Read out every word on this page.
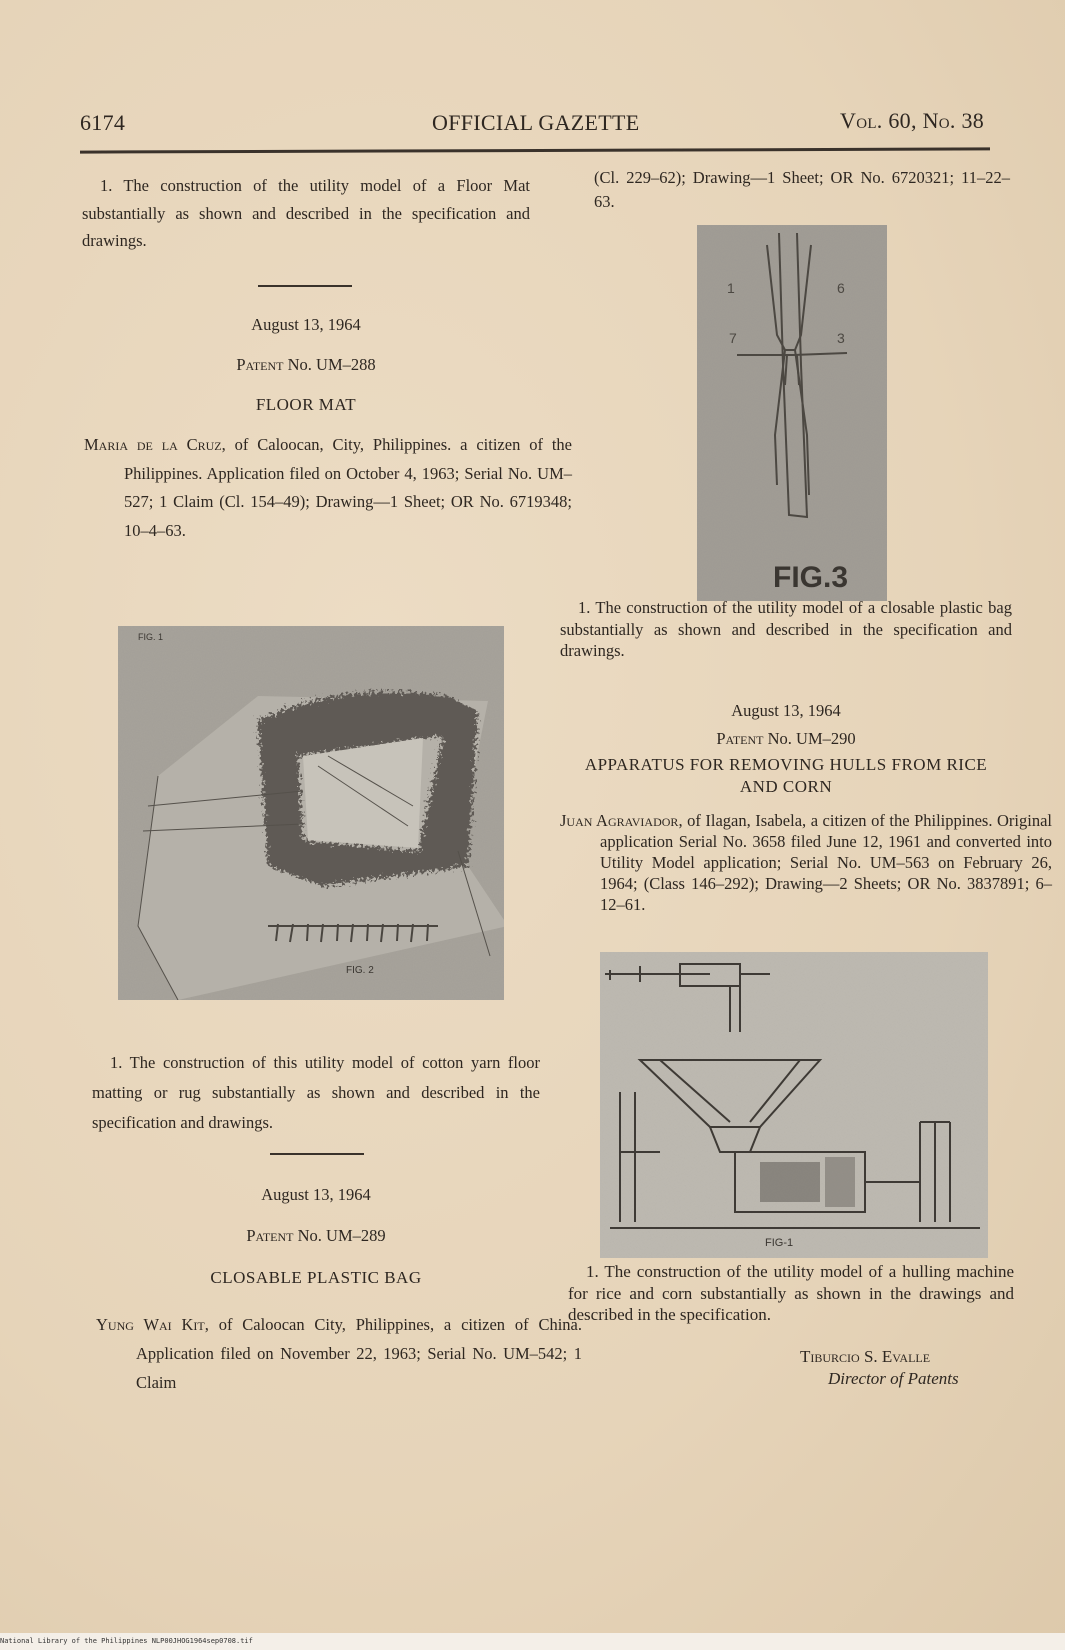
6174	OFFICIAL GAZETTE	Vol. 60, No. 38
1. The construction of the utility model of a Floor Mat substantially as shown and described in the specification and drawings.
August 13, 1964
Patent No. UM–288
FLOOR MAT
Maria de la Cruz, of Caloocan, City, Philippines. a citizen of the Philippines. Application filed on October 4, 1963; Serial No. UM–527; 1 Claim (Cl. 154–49); Drawing—1 Sheet; OR No. 6719348; 10–4–63.
FIG. 1
FIG. 2
1. The construction of this utility model of cotton yarn floor matting or rug substantially as shown and described in the specification and drawings.
August 13, 1964
Patent No. UM–289
CLOSABLE PLASTIC BAG
Yung Wai Kit, of Caloocan City, Philippines, a citizen of China. Application filed on November 22, 1963; Serial No. UM–542; 1 Claim
(Cl. 229–62); Drawing—1 Sheet; OR No. 6720321; 11–22–63.
1
7	3
6
FIG.3
1. The construction of the utility model of a closable plastic bag substantially as shown and described in the specification and drawings.
August 13, 1964
Patent No. UM–290
APPARATUS FOR REMOVING HULLS FROM RICE AND CORN
Juan Agraviador, of Ilagan, Isabela, a citizen of the Philippines. Original application Serial No. 3658 filed June 12, 1961 and converted into Utility Model application; Serial No. UM–563 on February 26, 1964; (Class 146–292); Drawing—2 Sheets; OR No. 3837891; 6–12–61.
FIG-1
1. The construction of the utility model of a hulling machine for rice and corn substantially as shown in the drawings and described in the specification.
Tiburcio S. Evalle
Director of Patents
National Library of the Philippines NLP00JHOG1964sep0708.tif
